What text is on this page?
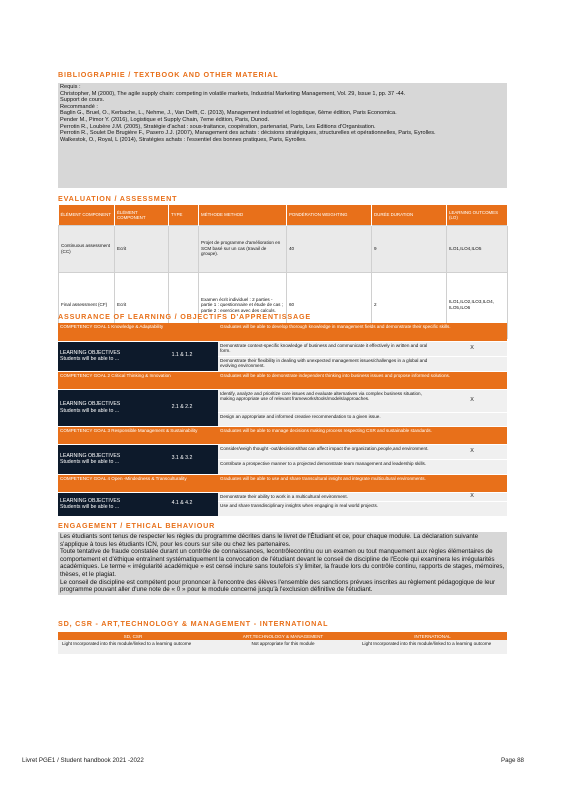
BIBLIOGRAPHIE / TEXTBOOK AND OTHER MATERIAL
Requis :
Christopher, M (2000), The agile supply chain: competing in volatile markets, Industrial Marketing Management, Vol. 29, Issue 1, pp. 37 -44.
Support de cours.
Recommandé :
Baglin G., Bruel, O., Kerbache, L., Nehme, J., Van Delft, C. (2013), Management industriel et logistique, 6ème édition, Paris Economica.
Pender M., Pimor Y. (2016), Logistique et Supply Chain, 7eme édition, Paris, Dunod.
Perrotin R., Loubère J.M. (2005), Stratégie d'achat : sous-traitance, coopération, partenariat, Paris, Les Editions d'Organisation.
Perrotin R., Soulet De Brugière F., Pasero J.J. (2007), Management des achats : décisions stratégiques, structurelles et opérationnelles, Paris, Eyrolles.
Walkestok, O., Royal, L (2014), Stratégies achats : l'essentiel des bonnes pratiques, Paris, Eyrolles.
EVALUATION / ASSESSMENT
ÉLÉMENT COMPONENT	ÉLÉMENT COMPONENT	TYPE	MÉTHODE METHOD	PONDÉRATION WEIGHTING	DURÉE DURATION	LEARNING OUTCOMES (LO)
Continuous assessment (CC)	Ecrit		Projet de programme d'amélioration en SCM basé sur un cas (travail de groupe).	40	9	ILO1,ILO4,ILO5
Final assessment (CF)	Ecrit		Examen écrit individuel : 2 parties - partie 1 : questionnaire et étude de cas ; partie 2 : exercices avec des calculs.	60	2	ILO1,ILO2,ILO3,ILO4, ILO5,ILO6
ASSURANCE OF LEARNING / OBJECTIFS D'APPRENTISSAGE
COMPETENCY GOAL 1 Knowledge & Adaptability		Graduates will be able to develop thorough knowledge in management fields and demonstrate their specific skills.	

LEARNING OBJECTIVES
Students will be able to ...	1.1 & 1.2	Demonstrate context-specific knowledge of business and communicate it effectively in written and oral form.	X
		Demonstrate their flexibility in dealing with unexpected management issues/challenges in a global and evolving environment.	
COMPETENCY GOAL 2 Critical Thinking & Innovation		Graduates will be able to demonstrate independent thinking into business issues and propose informed solutions.	

LEARNING OBJECTIVES
Students will be able to ...	2.1 & 2.2	Identify, analyze and prioritize core issues and evaluate alternatives via complex business situation, making appropriate use of relevant frameworks/tools/models/approaches.	X
		Design an appropriate and informed creative recommendation to a given issue.	
COMPETENCY GOAL 3 Responsible Management & Sustainability		Graduates will be able to manage decisions making process respecting CSR and sustainable standards.	

LEARNING OBJECTIVES
Students will be able to ...	3.1 & 3.2	Consider/weigh thought -out/decisions/that can affect impact the organization,people,and environment.	X
		Contribute a prospective manner to a projected demonstrate team management and leadership skills.	
COMPETENCY GOAL 4 Open -Mindedness & Transculturality		Graduates will be able to use and share transcultural insight and integrate multicultural environments.	

LEARNING OBJECTIVES
Students will be able to ...	4.1 & 4.2	Demonstrate their ability to work in a multicultural environment.	X
		Use and share transdisciplinary insights when engaging in real world projects.	
ENGAGEMENT / ETHICAL BEHAVIOUR

Les étudiants sont tenus de respecter les règles du programme décrites dans le livret de l'Étudiant et ce, pour chaque module. La déclaration suivante s'applique à tous les étudiants ICN, pour les cours sur site ou chez les partenaires.

Toute tentative de fraude constatée durant un contrôle de connaissances, lecontrôlecontinu ou un examen ou tout manquement aux règles élémentaires de comportement et d'éthique entraînent systématiquement la convocation de l'étudiant devant le conseil de discipline de l'Ecole qui examinera les irrégularités académiques. Le terme « irrégularité académique » est censé inclure sans toutefois s'y limiter, la fraude lors du contrôle continu, rapports de stages, mémoires, thèses, et le plagiat.

Le conseil de discipline est compétent pour prononcer à l'encontre des élèves l'ensemble des sanctions prévues inscrites au règlement pédagogique de leur programme pouvant aller d'une note de « 0 » pour le module concerné jusqu'à l'exclusion définitive de l'étudiant.

SD, CSR - ART,TECHNOLOGY & MANAGEMENT - INTERNATIONAL
SD, CSR	ART,TECHNOLOGY & MANAGEMENT	INTERNATIONAL
Light Incorporated into this module/linked to a learning outcome	Not appropriate for this module	Light Incorporated into this module/linked to a learning outcome
Livret PGE1 / Student handbook 2021 -2022	Page 88
